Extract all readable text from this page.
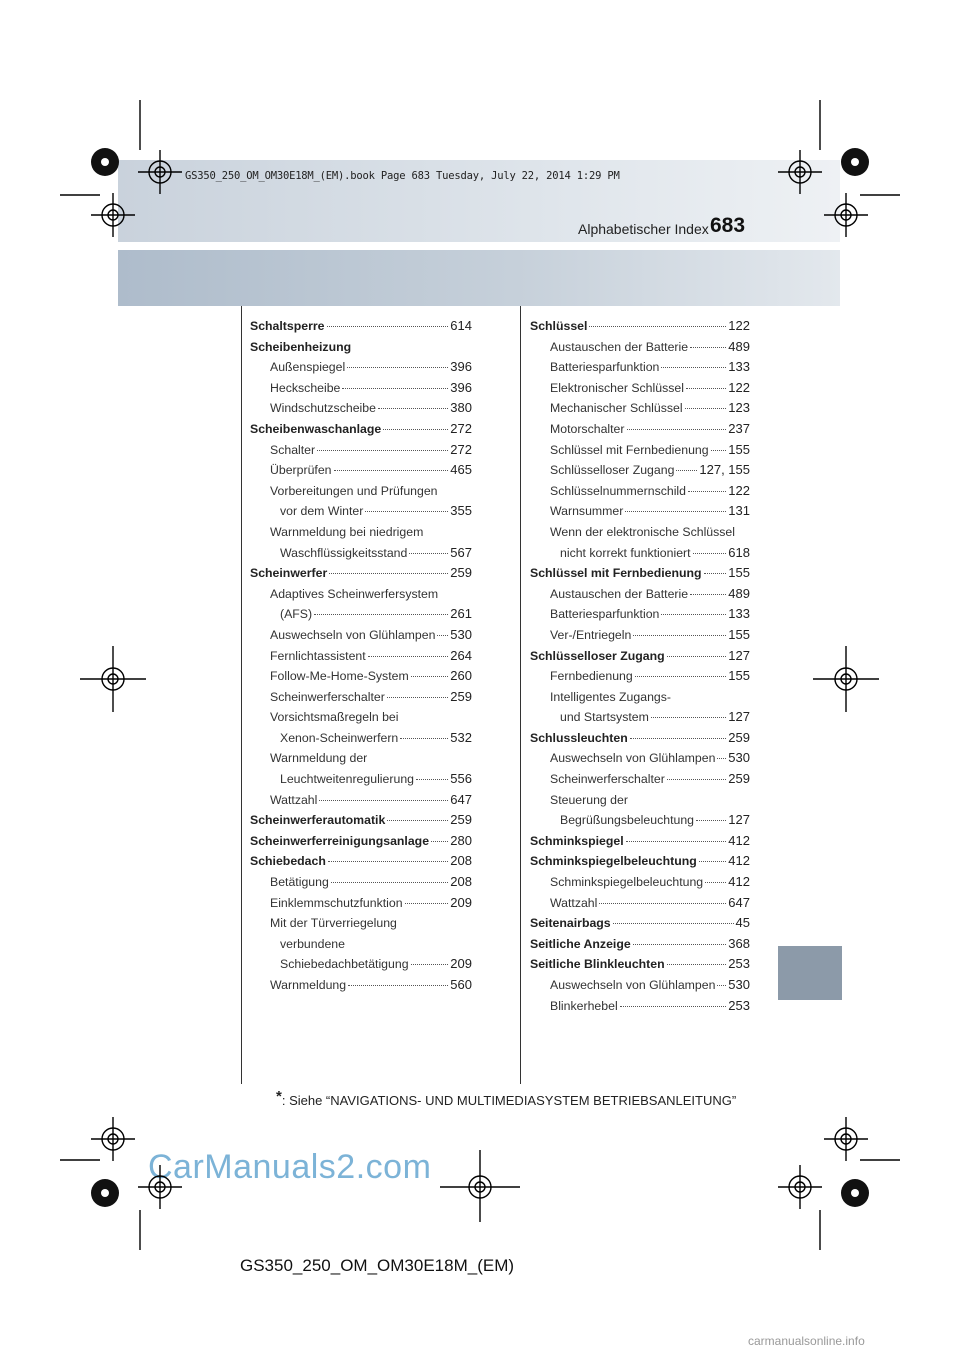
GS350_250_OM_OM30E18M_(EM).book Page 683 Tuesday, July 22, 2014 1:29 PM
Alphabetischer Index 683
Schaltsperre	614
Scheibenheizung
Außenspiegel	396
Heckscheibe	396
Windschutzscheibe	380
Scheibenwaschanlage	272
Schalter	272
Überprüfen	465
Vorbereitungen und Prüfungen
vor dem Winter	355
Warnmeldung bei niedrigem
Waschflüssigkeitsstand	567
Scheinwerfer	259
Adaptives Scheinwerfersystem
(AFS)	261
Auswechseln von Glühlampen 530
Fernlichtassistent	264
Follow-Me-Home-System	260
Scheinwerferschalter	259
Vorsichtsmaßregeln bei
Xenon-Scheinwerfern	532
Warnmeldung der
Leuchtweitenregulierung	556
Wattzahl	647
Scheinwerferautomatik	259
Scheinwerferreinigungsanlage 280
Schiebedach	208
Betätigung	208
Einklemmschutzfunktion	209
Mit der Türverriegelung
verbundene
Schiebedachbetätigung	209
Warnmeldung	560
Schlüssel	122
Austauschen der Batterie	489
Batteriesparfunktion	133
Elektronischer Schlüssel	122
Mechanischer Schlüssel	123
Motorschalter	237
Schlüssel mit Fernbedienung 155
Schlüsselloser Zugang 127, 155
Schlüsselnummernschild	122
Warnsummer	131
Wenn der elektronische Schlüssel
nicht korrekt funktioniert	618
Schlüssel mit Fernbedienung 155
Austauschen der Batterie	489
Batteriesparfunktion	133
Ver-/Entriegeln	155
Schlüsselloser Zugang	127
Fernbedienung	155
Intelligentes Zugangs-
und Startsystem	127
Schlussleuchten	259
Auswechseln von Glühlampen 530
Scheinwerferschalter	259
Steuerung der
Begrüßungsbeleuchtung	127
Schminkspiegel	412
Schminkspiegelbeleuchtung 412
Schminkspiegelbeleuchtung 412
Wattzahl	647
Seitenairbags	45
Seitliche Anzeige	368
Seitliche Blinkleuchten	253
Auswechseln von Glühlampen 530
Blinkerhebel	253
*: Siehe “NAVIGATIONS- UND MULTIMEDIASYSTEM BETRIEBSANLEITUNG”
CarManuals2.com
GS350_250_OM_OM30E18M_(EM)
carmanualsonline.info
